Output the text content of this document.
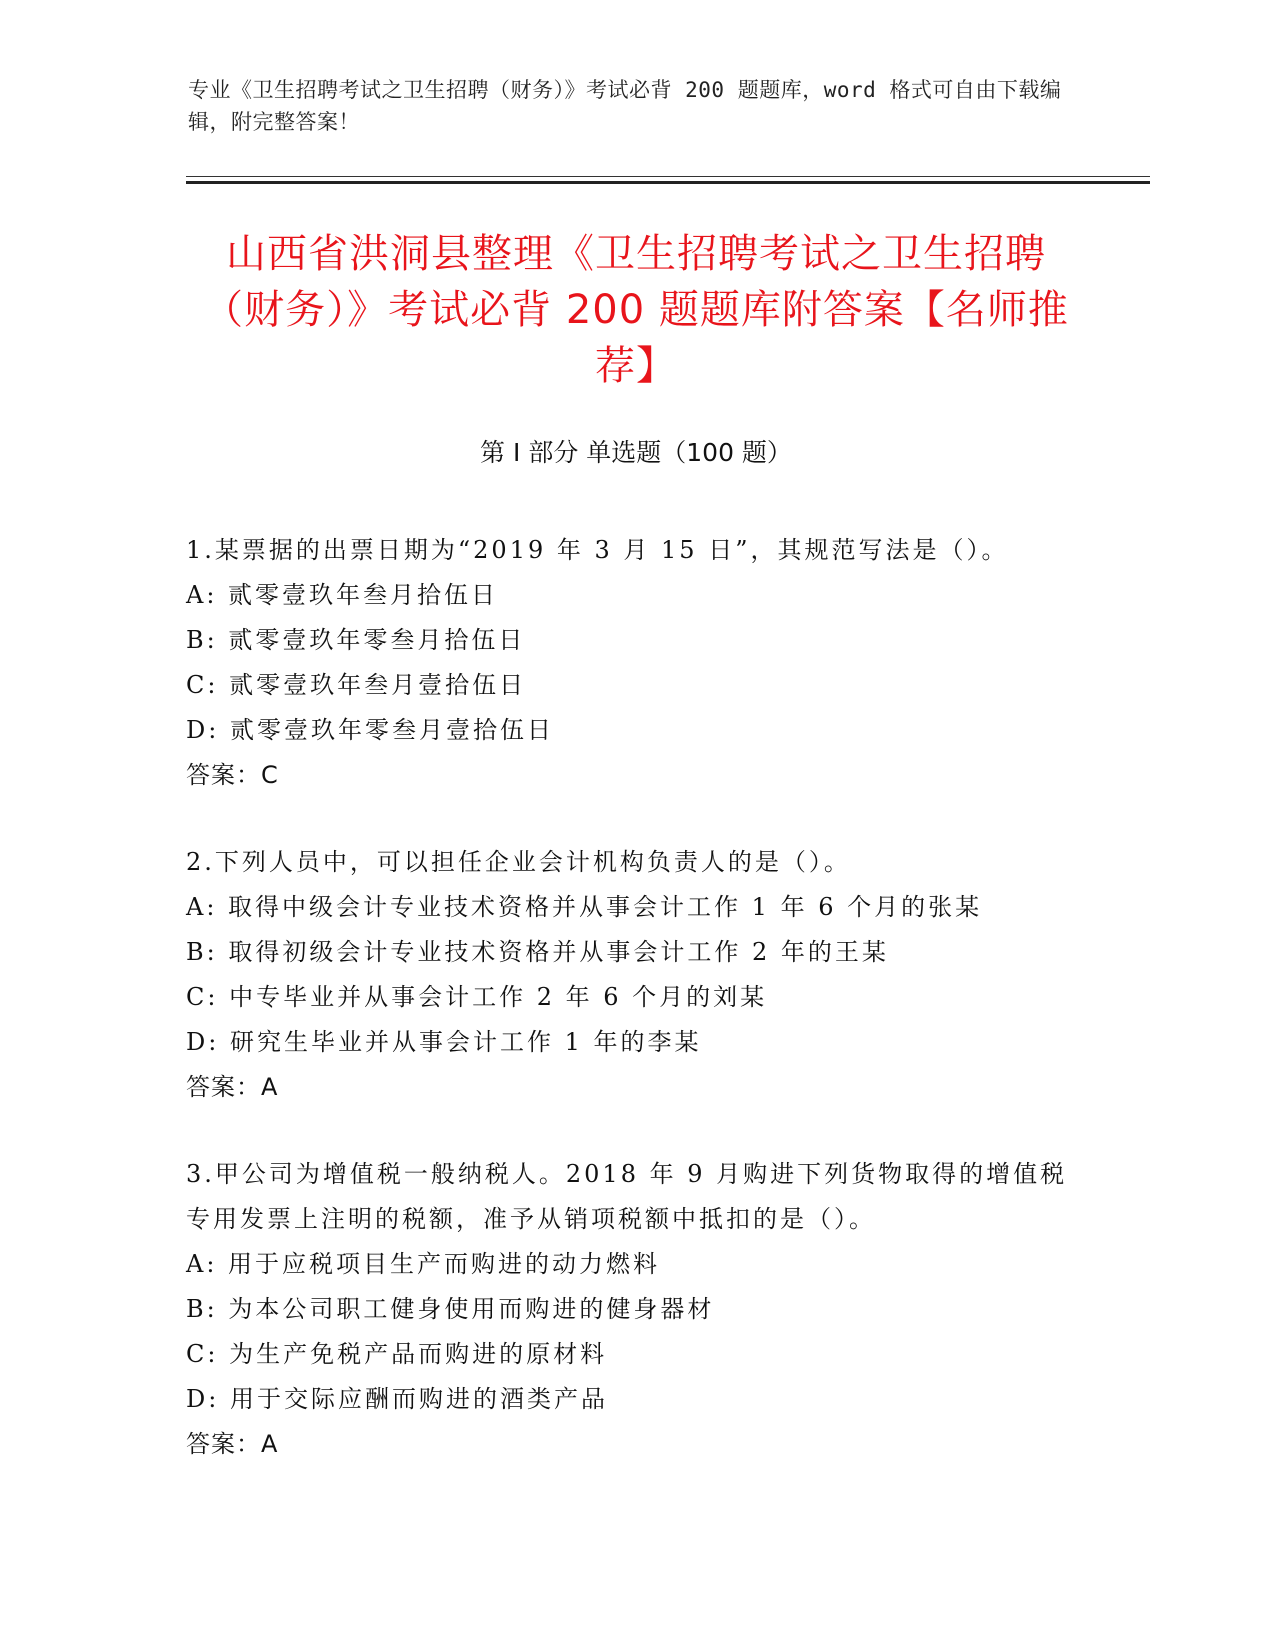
专业《卫生招聘考试之卫生招聘（财务）》考试必背 200 题题库，word 格式可自由下载编辑，附完整答案！
山西省洪洞县整理《卫生招聘考试之卫生招聘（财务）》考试必背 200 题题库附答案【名师推荐】
第 I 部分 单选题（100 题）
1.某票据的出票日期为“2019 年 3 月 15 日”，其规范写法是（）。
A: 贰零壹玖年叁月拾伍日
B: 贰零壹玖年零叁月拾伍日
C: 贰零壹玖年叁月壹拾伍日
D: 贰零壹玖年零叁月壹拾伍日
答案：C
2.下列人员中，可以担任企业会计机构负责人的是（）。
A: 取得中级会计专业技术资格并从事会计工作 1 年 6 个月的张某
B: 取得初级会计专业技术资格并从事会计工作 2 年的王某
C: 中专毕业并从事会计工作 2 年 6 个月的刘某
D: 研究生毕业并从事会计工作 1 年的李某
答案：A
3.甲公司为增值税一般纳税人。2018 年 9 月购进下列货物取得的增值税专用发票上注明的税额，准予从销项税额中抵扣的是（）。
A: 用于应税项目生产而购进的动力燃料
B: 为本公司职工健身使用而购进的健身器材
C: 为生产免税产品而购进的原材料
D: 用于交际应酬而购进的酒类产品
答案：A
